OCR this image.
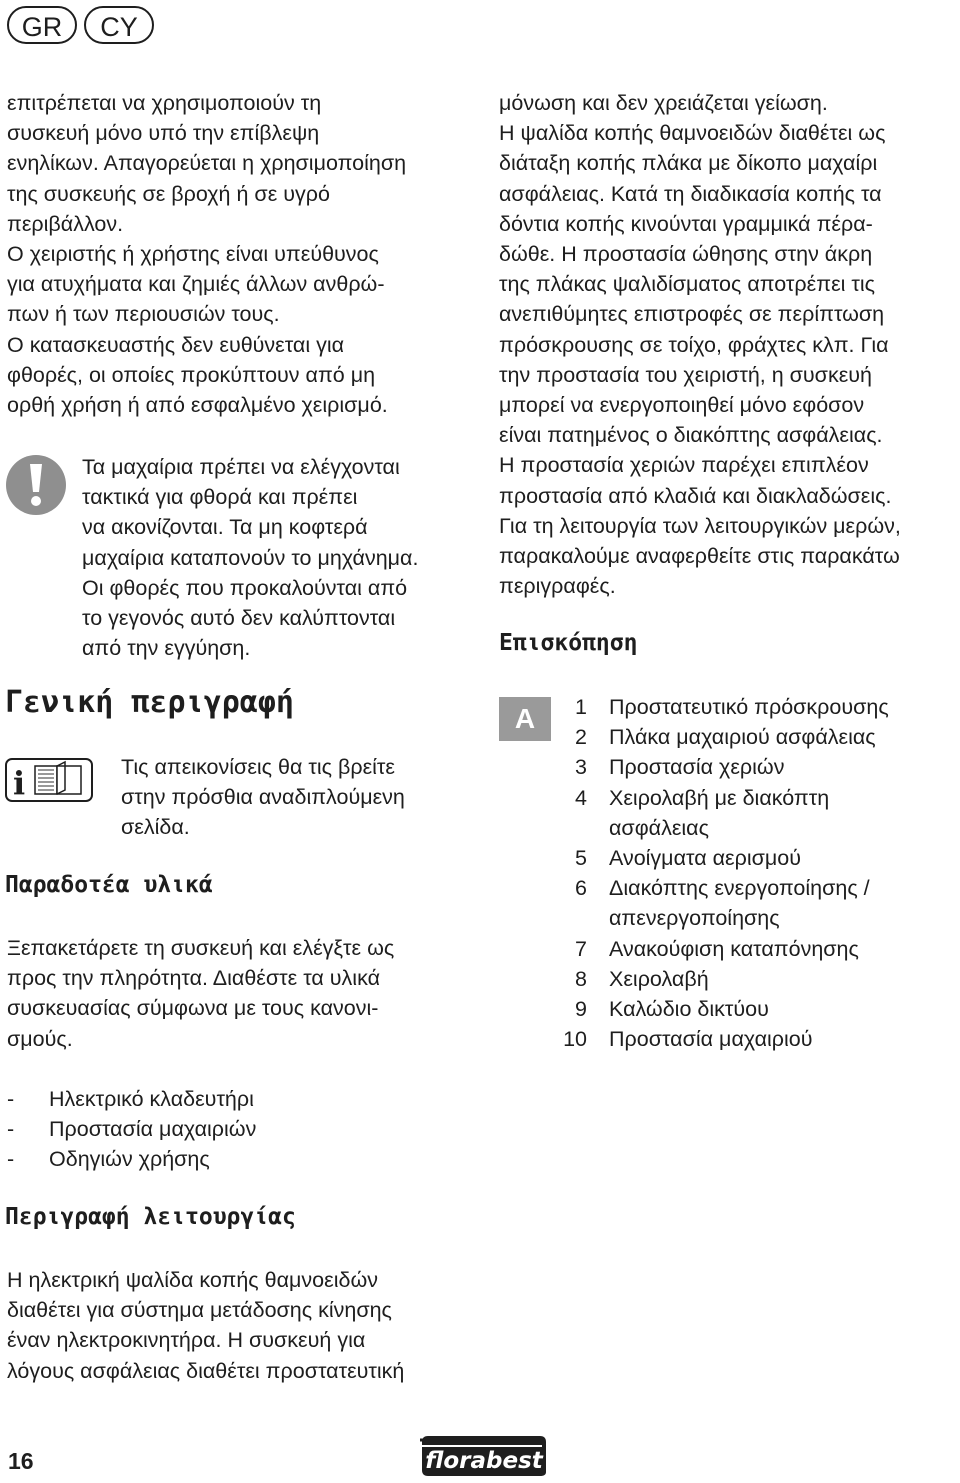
GR	CY

επιτρέπεται να χρησιμοποιούν τη

συσκευή μόνο υπό την επίβλεψη

ενηλίκων. Απαγορεύεται η χρησιμοποίηση

της συσκευής σε βροχή ή σε υγρό

περιβάλλον.

Ο χειριστής ή χρήστης είναι υπεύθυνος

για ατυχήματα και ζημιές άλλων ανθρώ-

πων ή των περιουσιών τους.

Ο κατασκευαστής δεν ευθύνεται για

φθορές, οι οποίες προκύπτουν από μη

ορθή χρήση ή από εσφαλμένο χειρισμό.

Τα μαχαίρια πρέπει να ελέγχονται

τακτικά για φθορά και πρέπει

να ακονίζονται. Τα μη κοφτερά

μαχαίρια καταπονούν το μηχάνημα.

Οι φθορές που προκαλούνται από

το γεγονός αυτό δεν καλύπτονται

από την εγγύηση.

Γενική περιγραφή
i	Τις απεικονίσεις θα τις βρείτε

στην πρόσθια αναδιπλούμενη

σελίδα.

Παραδοτέα υλικά

Ξεπακετάρετε τη συσκευή και ελέγξτε ως

προς την πληρότητα. Διαθέστε τα υλικά

συσκευασίας σύμφωνα με τους κανονι-

σμούς.

-	Ηλεκτρικό κλαδευτήρι
-	Προστασία μαχαιριών
-	Οδηγιών χρήσης
Περιγραφή λειτουργίας

Η ηλεκτρική ψαλίδα κοπής θαμνοειδών

διαθέτει για σύστημα μετάδοσης κίνησης

έναν ηλεκτροκινητήρα. Η συσκευή για

λόγους ασφάλειας διαθέτει προστατευτική

μόνωση και δεν χρειάζεται γείωση.

Η ψαλίδα κοπής θαμνοειδών διαθέτει ως

διάταξη κοπής πλάκα με δίκοπο μαχαίρι

ασφάλειας. Κατά τη διαδικασία κοπής τα

δόντια κοπής κινούνται γραμμικά πέρα-

δώθε. Η προστασία ώθησης στην άκρη

της πλάκας ψαλιδίσματος αποτρέπει τις

ανεπιθύμητες επιστροφές σε περίπτωση

πρόσκρουσης σε τοίχο, φράχτες κλπ. Για

την προστασία του χειριστή, η συσκευή

μπορεί να ενεργοποιηθεί μόνο εφόσον

είναι πατημένος ο διακόπτης ασφάλειας.

Η προστασία χεριών παρέχει επιπλέον

προστασία από κλαδιά και διακλαδώσεις.

Για τη λειτουργία των λειτουργικών μερών,

παρακαλούμε αναφερθείτε στις παρακάτω

περιγραφές.

Επισκόπηση
A	1	Προστατευτικό πρόσκρουσης
2	Πλάκα μαχαιριού ασφάλειας
3	Προστασία χεριών
4	Χειρολαβή με διακόπτη
ασφάλειας
5	Ανοίγματα αερισμού
6	Διακόπτης ενεργοποίησης /
απενεργοποίησης
7	Ανακούφιση καταπόνησης
8	Χειρολαβή
9	Καλώδιο δικτύου
10	Προστασία μαχαιριού
16	florabest
